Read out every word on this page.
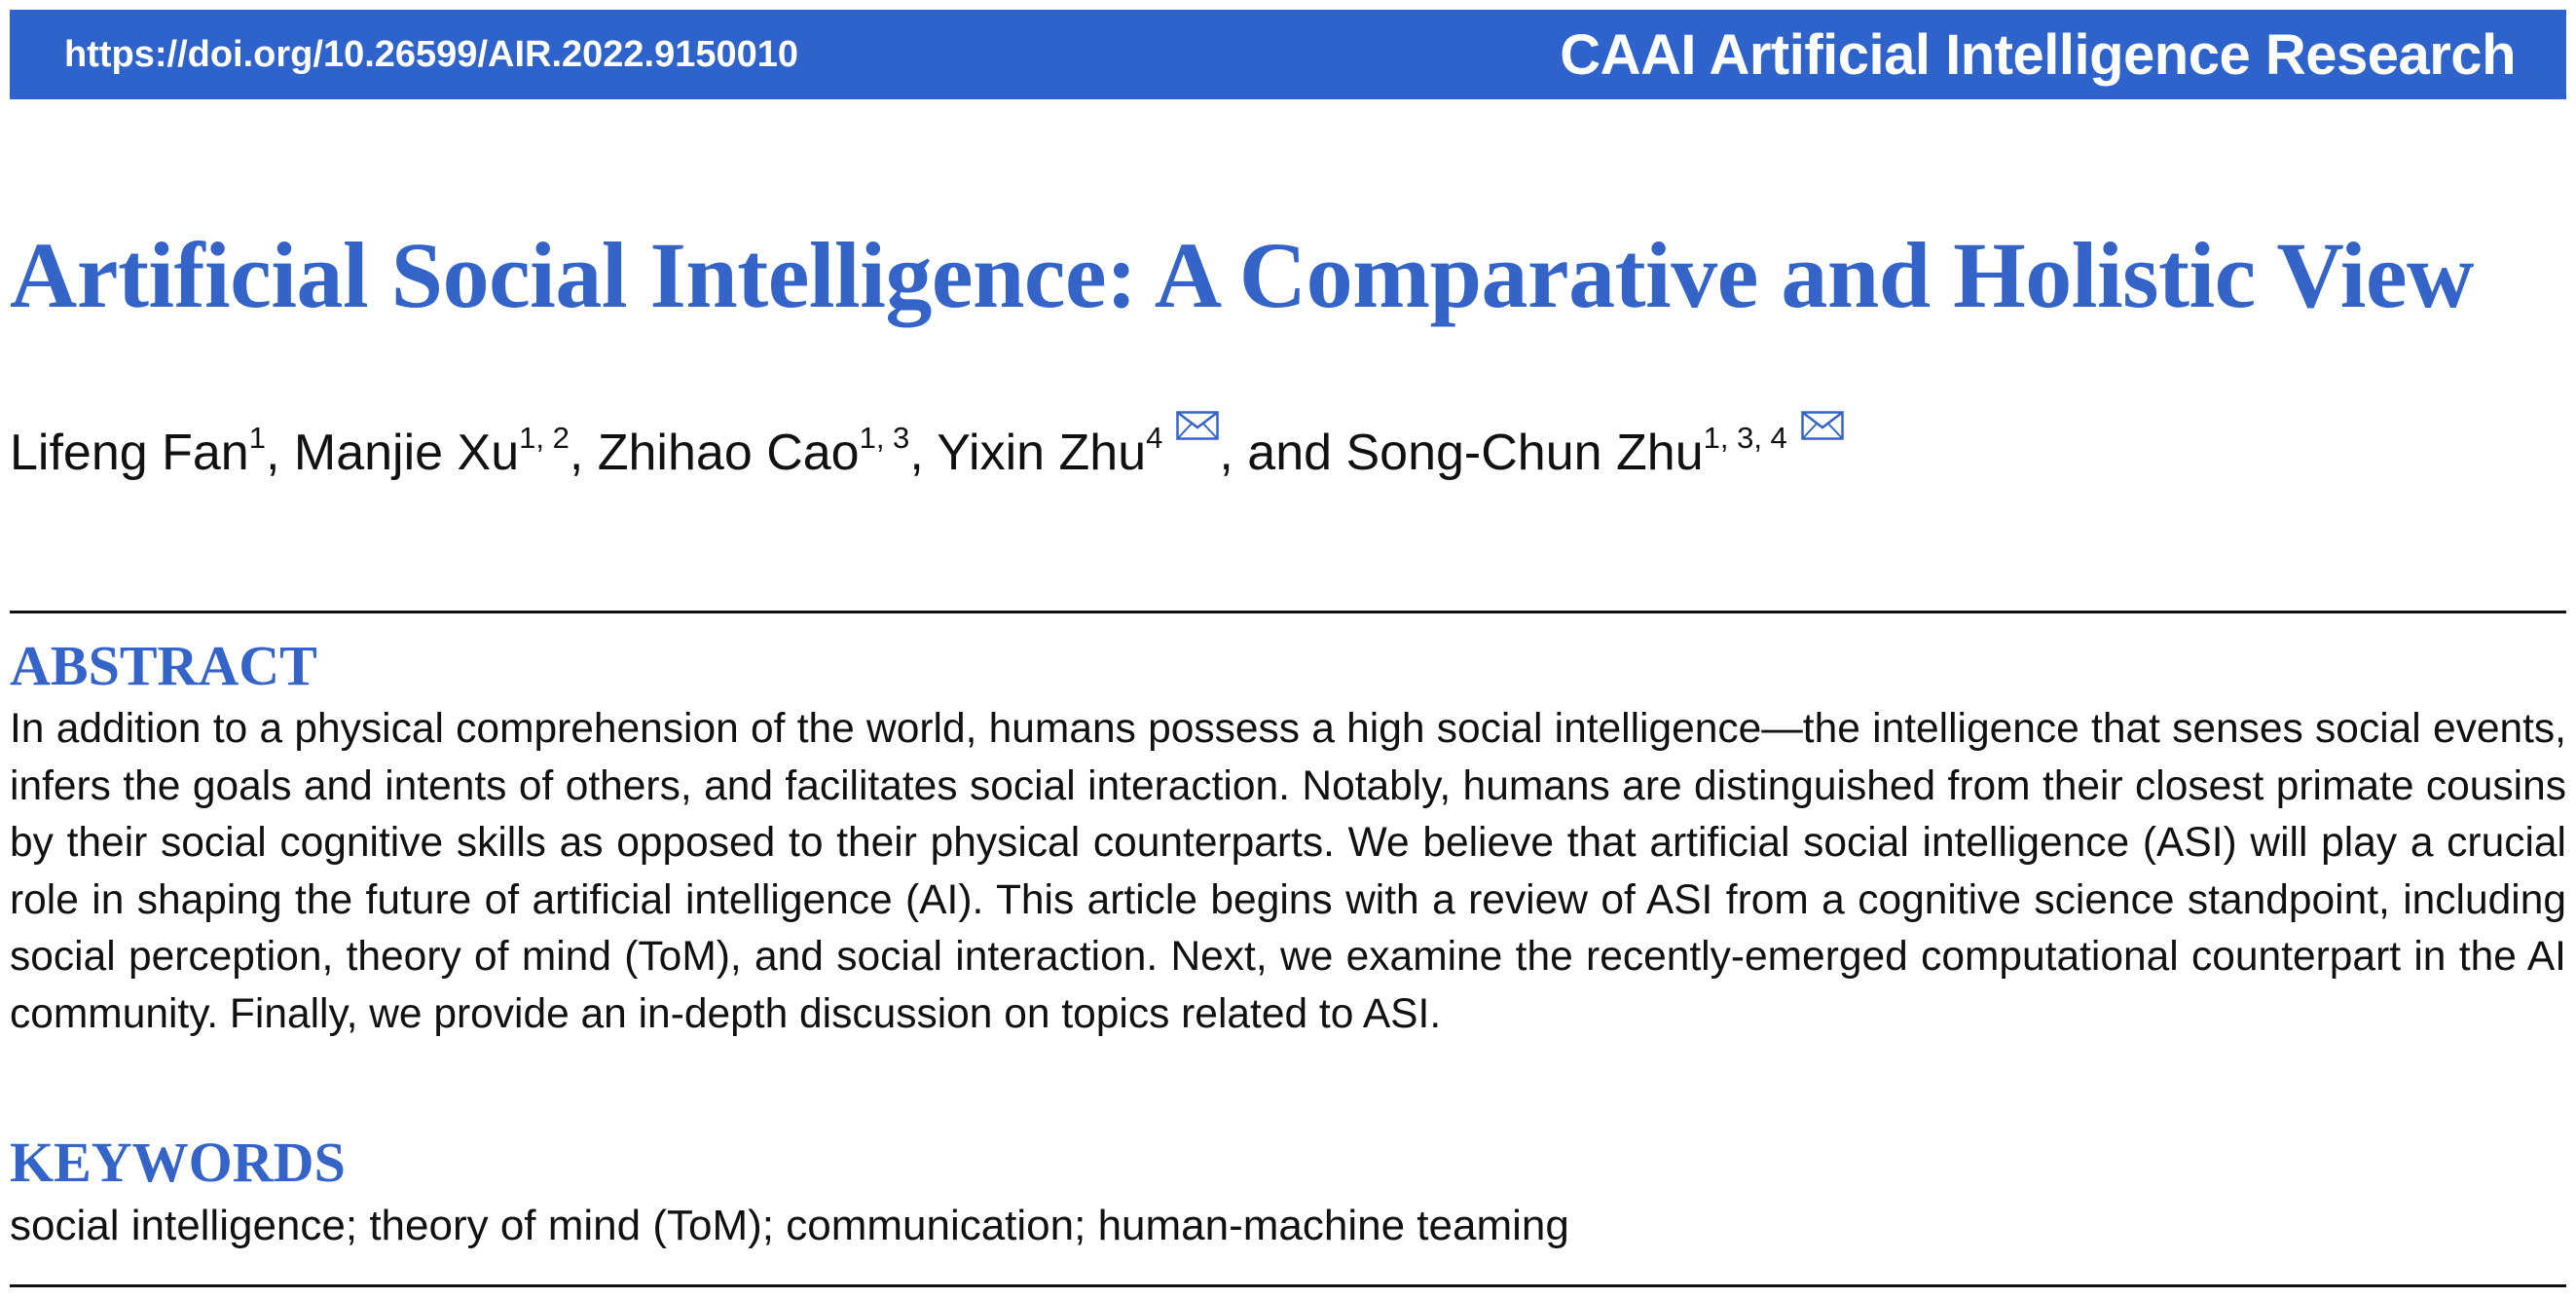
https://doi.org/10.26599/AIR.2022.9150010	CAAI Artificial Intelligence Research
Artificial Social Intelligence: A Comparative and Holistic View
Lifeng Fan$^1$, Manjie Xu$^{1, 2}$, Zhihao Cao$^{1, 3}$, Yixin Zhu$^4$ , and Song-Chun Zhu$^{1, 3, 4}$
ABSTRACT

In addition to a physical comprehension of the world, humans possess a high social intelligence—the intelligence that senses social events, infers the goals and intents of others, and facilitates social interaction. Notably, humans are distinguished from their closest primate cousins by their social cognitive skills as opposed to their physical counterparts. We believe that artificial social intelligence (ASI) will play a crucial role in shaping the future of artificial intelligence (AI). This article begins with a review of ASI from a cognitive science standpoint, including social perception, theory of mind (ToM), and social interaction. Next, we examine the recently-emerged computational counterpart in the AI community. Finally, we provide an in-depth discussion on topics related to ASI.

KEYWORDS

social intelligence; theory of mind (ToM); communication; human-machine teaming
